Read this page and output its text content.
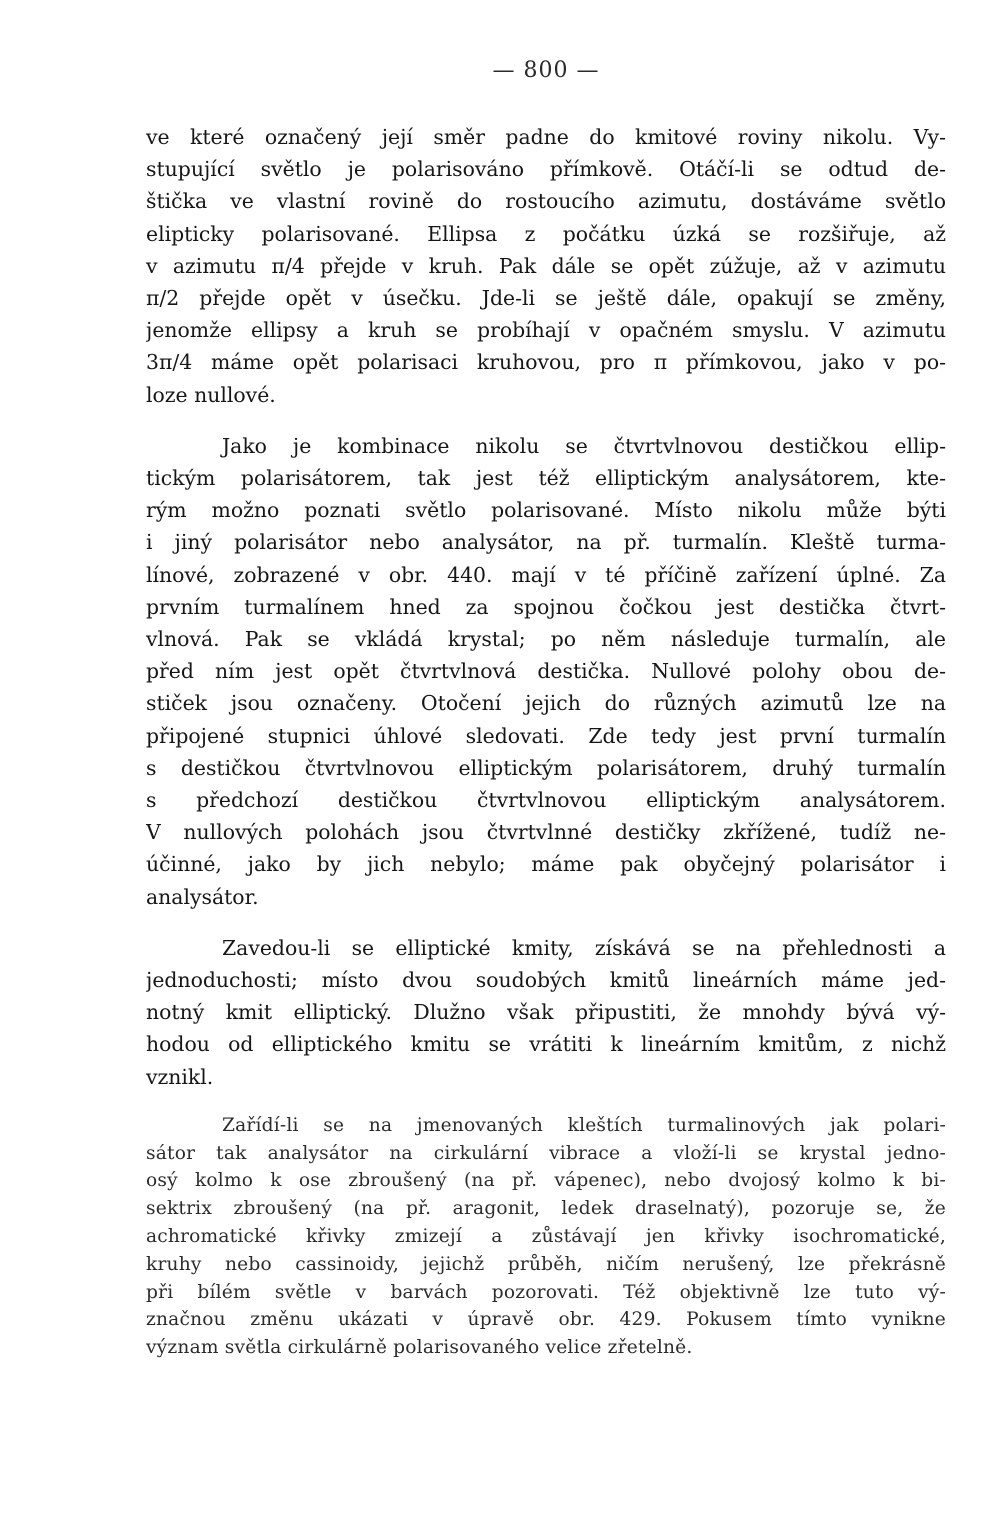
— 800 —
ve které označený její směr padne do kmitové roviny nikolu. Vy-
stupující světlo je polarisováno přímkově. Otáčí-li se odtud de-
štička ve vlastní rovině do rostoucího azimutu, dostáváme světlo
elipticky polarisované. Ellipsa z počátku úzká se rozšiřuje, až
v azimutu π/4 přejde v kruh. Pak dále se opět zúžuje, až v azimutu
π/2 přejde opět v úsečku. Jde-li se ještě dále, opakují se změny,
jenomže ellipsy a kruh se probíhají v opačném smyslu. V azimutu
3π/4 máme opět polarisaci kruhovou, pro π přímkovou, jako v po-
loze nullové.
Jako je kombinace nikolu se čtvrtvlnovou destičkou ellip-
tickým polarisátorem, tak jest též elliptickým analysátorem, kte-
rým možno poznati světlo polarisované. Místo nikolu může býti
i jiný polarisátor nebo analysátor, na př. turmalín. Kleště turma-
línové, zobrazené v obr. 440. mají v té příčině zařízení úplné. Za
prvním turmalínem hned za spojnou čočkou jest destička čtvrt-
vlnová. Pak se vkládá krystal; po něm následuje turmalín, ale
před ním jest opět čtvrtvlnová destička. Nullové polohy obou de-
stiček jsou označeny. Otočení jejich do různých azimutů lze na
připojené stupnici úhlové sledovati. Zde tedy jest první turmalín
s destičkou čtvrtvlnovou elliptickým polarisátorem, druhý turmalín
s předchozí destičkou čtvrtvlnovou elliptickým analysátorem.
V nullových polohách jsou čtvrtvlnné destičky zkřížené, tudíž ne-
účinné, jako by jich nebylo; máme pak obyčejný polarisátor i
analysátor.
Zavedou-li se elliptické kmity, získává se na přehlednosti a
jednoduchosti; místo dvou soudobých kmitů lineárních máme jed-
notný kmit elliptický. Dlužno však připustiti, že mnohdy bývá vý-
hodou od elliptického kmitu se vrátiti k lineárním kmitům, z nichž
vznikl.
Zařídí-li se na jmenovaných kleštích turmalinových jak polari-
sátor tak analysátor na cirkulární vibrace a vloží-li se krystal jedno-
osý kolmo k ose zbroušený (na př. vápenec), nebo dvojosý kolmo k bi-
sektrix zbroušený (na př. aragonit, ledek draselnatý), pozoruje se, že
achromatické křivky zmizejí a zůstávají jen křivky isochromatické,
kruhy nebo cassinoidy, jejichž průběh, ničím nerušený, lze překrásně
při bílém světle v barvách pozorovati. Též objektivně lze tuto vý-
značnou změnu ukázati v úpravě obr. 429. Pokusem tímto vynikne
význam světla cirkulárně polarisovaného velice zřetelně.
